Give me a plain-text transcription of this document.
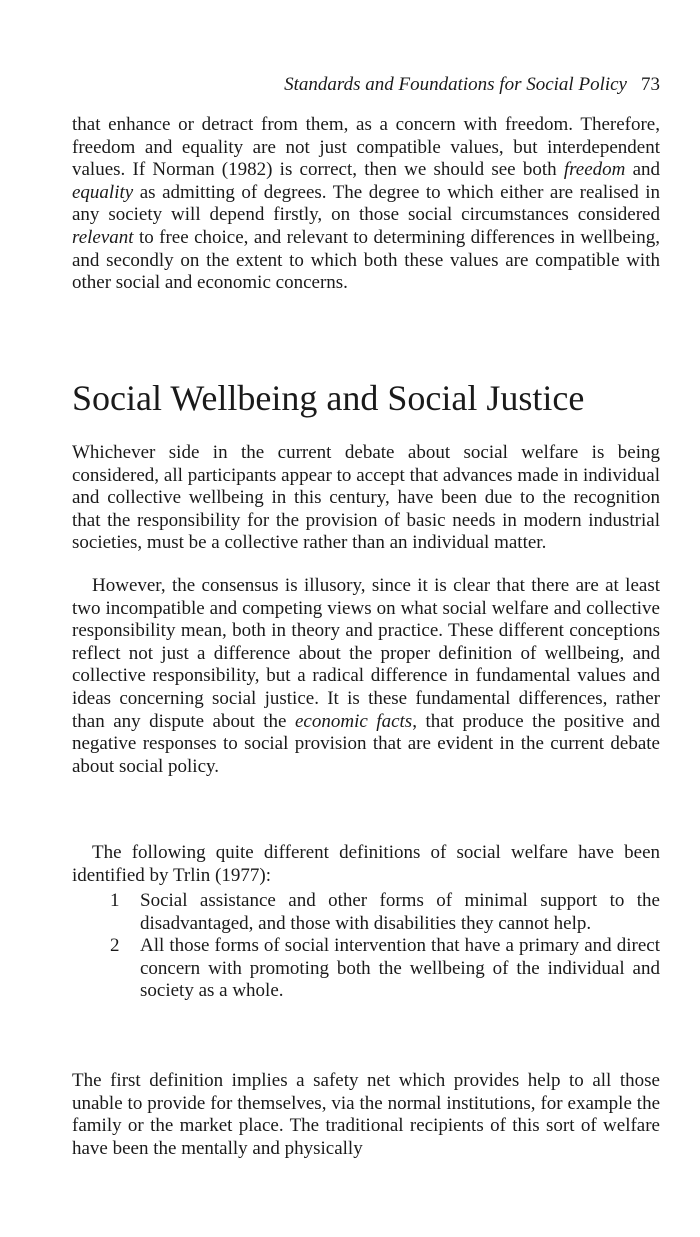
Standards and Foundations for Social Policy 73

that enhance or detract from them, as a concern with freedom. Therefore, freedom and equality are not just compatible values, but interdependent values. If Norman (1982) is correct, then we should see both freedom and equality as admitting of degrees. The degree to which either are realised in any society will depend firstly, on those social circumstances considered relevant to free choice, and relevant to determining differences in wellbeing, and secondly on the extent to which both these values are compatible with other social and economic concerns.

Social Wellbeing and Social Justice

Whichever side in the current debate about social welfare is being considered, all participants appear to accept that advances made in individual and collective wellbeing in this century, have been due to the recognition that the responsibility for the provision of basic needs in modern industrial societies, must be a collective rather than an individual matter.

However, the consensus is illusory, since it is clear that there are at least two incompatible and competing views on what social welfare and collective responsibility mean, both in theory and practice. These different conceptions reflect not just a difference about the proper definition of wellbeing, and collective responsibility, but a radical difference in fundamental values and ideas concerning social justice. It is these fundamental differences, rather than any dispute about the economic facts, that produce the positive and negative responses to social provision that are evident in the current debate about social policy.

The following quite different definitions of social welfare have been identified by Trlin (1977):

1 Social assistance and other forms of minimal support to the disadvantaged, and those with disabilities they cannot help.
2 All those forms of social intervention that have a primary and direct concern with promoting both the wellbeing of the individual and society as a whole.

The first definition implies a safety net which provides help to all those unable to provide for themselves, via the normal institutions, for example the family or the market place. The traditional recipients of this sort of welfare have been the mentally and physically
